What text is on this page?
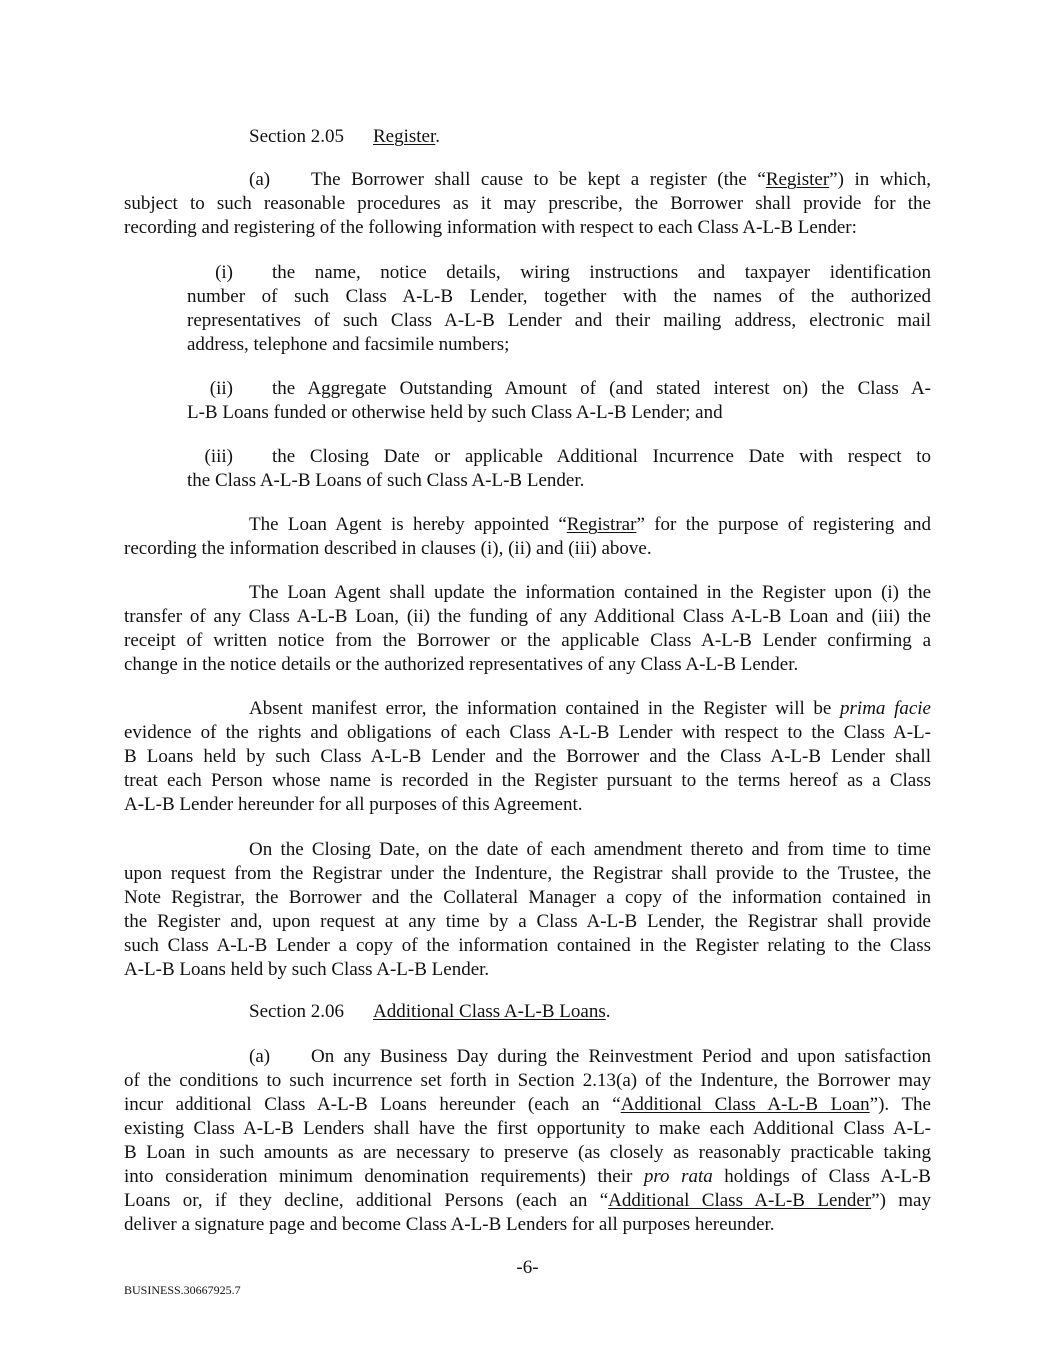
Section 2.05 Register.
(a)	The Borrower shall cause to be kept a register (the “Register”) in which,
subject to such reasonable procedures as it may prescribe, the Borrower shall provide for the
recording and registering of the following information with respect to each Class A-L-B Lender:
(i)	the name, notice details, wiring instructions and taxpayer identification
number of such Class A-L-B Lender, together with the names of the authorized
representatives of such Class A-L-B Lender and their mailing address, electronic mail
address, telephone and facsimile numbers;
(ii)	the Aggregate Outstanding Amount of (and stated interest on) the Class A-
L-B Loans funded or otherwise held by such Class A-L-B Lender; and
(iii)	the Closing Date or applicable Additional Incurrence Date with respect to
the Class A-L-B Loans of such Class A-L-B Lender.
The Loan Agent is hereby appointed “Registrar” for the purpose of registering and
recording the information described in clauses (i), (ii) and (iii) above.
The Loan Agent shall update the information contained in the Register upon (i) the
transfer of any Class A-L-B Loan, (ii) the funding of any Additional Class A-L-B Loan and (iii) the
receipt of written notice from the Borrower or the applicable Class A-L-B Lender confirming a
change in the notice details or the authorized representatives of any Class A-L-B Lender.
Absent manifest error, the information contained in the Register will be prima facie
evidence of the rights and obligations of each Class A-L-B Lender with respect to the Class A-L-
B Loans held by such Class A-L-B Lender and the Borrower and the Class A-L-B Lender shall
treat each Person whose name is recorded in the Register pursuant to the terms hereof as a Class
A-L-B Lender hereunder for all purposes of this Agreement.
On the Closing Date, on the date of each amendment thereto and from time to time
upon request from the Registrar under the Indenture, the Registrar shall provide to the Trustee, the
Note Registrar, the Borrower and the Collateral Manager a copy of the information contained in
the Register and, upon request at any time by a Class A-L-B Lender, the Registrar shall provide
such Class A-L-B Lender a copy of the information contained in the Register relating to the Class
A-L-B Loans held by such Class A-L-B Lender.
Section 2.06 Additional Class A-L-B Loans.
(a)	On any Business Day during the Reinvestment Period and upon satisfaction
of the conditions to such incurrence set forth in Section 2.13(a) of the Indenture, the Borrower may
incur additional Class A-L-B Loans hereunder (each an “Additional Class A-L-B Loan”). The
existing Class A-L-B Lenders shall have the first opportunity to make each Additional Class A-L-
B Loan in such amounts as are necessary to preserve (as closely as reasonably practicable taking
into consideration minimum denomination requirements) their pro rata holdings of Class A-L-B
Loans or, if they decline, additional Persons (each an “Additional Class A-L-B Lender”) may
deliver a signature page and become Class A-L-B Lenders for all purposes hereunder.
-6-
BUSINESS.30667925.7
